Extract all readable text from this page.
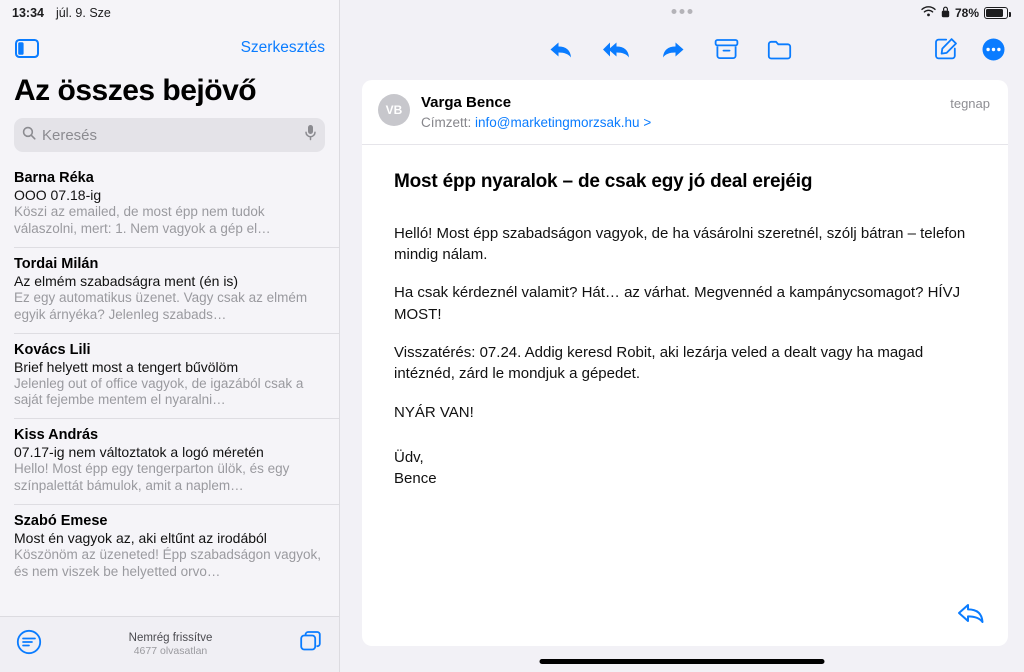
13:34 júl. 9. Sze
Szerkesztés
Az összes bejövő
Keresés
Barna Réka
OOO 07.18-ig
Köszi az emailed, de most épp nem tudok válaszolni, mert: 1. Nem vagyok a gép el…
Tordai Milán
Az elmém szabadságra ment (én is)
Ez egy automatikus üzenet. Vagy csak az elmém egyik árnyéka? Jelenleg szabads…
Kovács Lili
Brief helyett most a tengert bűvölöm
Jelenleg out of office vagyok, de igazából csak a saját fejembe mentem el nyaralni…
Kiss András
07.17-ig nem változtatok a logó méretén
Hello! Most épp egy tengerparton ülök, és egy színpalettát bámulok, amit a naplem…
Szabó Emese
Most én vagyok az, aki eltűnt az irodából
Köszönöm az üzeneted! Épp szabadságon vagyok, és nem viszek be helyetted orvo…
Nemrég frissítve
4677 olvasatlan
78%
VB	Varga Bence
Címzett: info@marketingmorzsak.hu >
tegnap
Most épp nyaralok – de csak egy jó deal erejéig

Helló! Most épp szabadságon vagyok, de ha vásárolni szeretnél, szólj bátran – telefon mindig nálam.

Ha csak kérdeznél valamit? Hát… az várhat. Megvennéd a kampánycsomagot? HÍVJ MOST!

Visszatérés: 07.24. Addig keresd Robit, aki lezárja veled a dealt vagy ha magad intéznéd, zárd le mondjuk a gépedet.

NYÁR VAN!

Üdv,

Bence
